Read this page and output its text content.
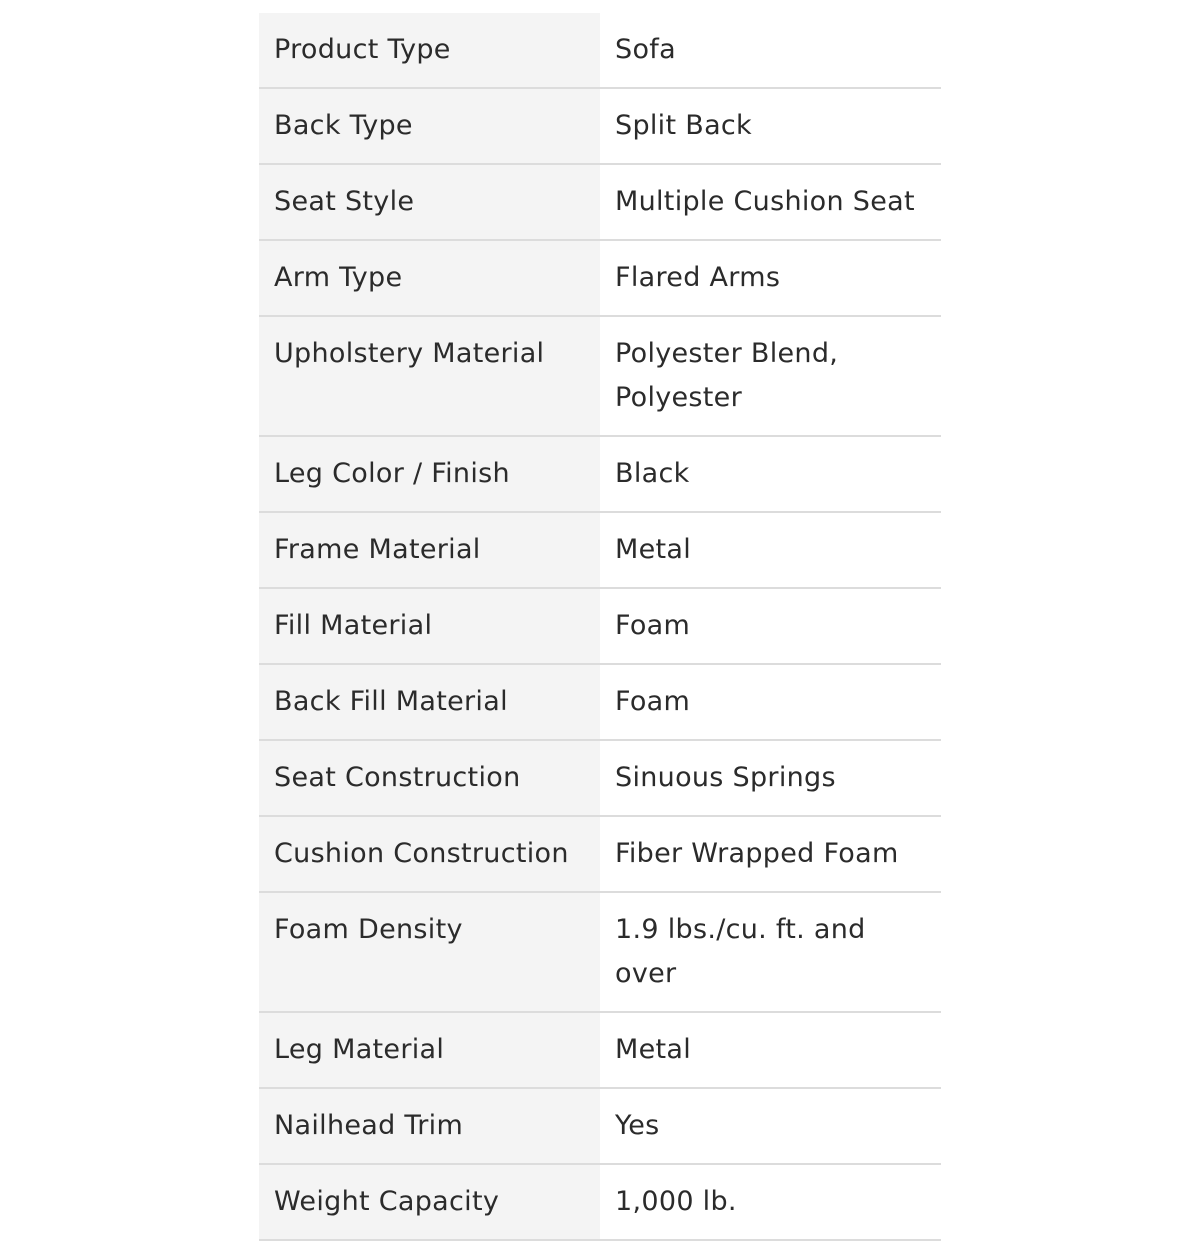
Product Type	Sofa
Back Type	Split Back
Seat Style	Multiple Cushion Seat
Arm Type	Flared Arms
Upholstery Material	Polyester Blend, Polyester
Leg Color / Finish	Black
Frame Material	Metal
Fill Material	Foam
Back Fill Material	Foam
Seat Construction	Sinuous Springs
Cushion Construction	Fiber Wrapped Foam
Foam Density	1.9 lbs./cu. ft. and over
Leg Material	Metal
Nailhead Trim	Yes
Weight Capacity	1,000 lb.
